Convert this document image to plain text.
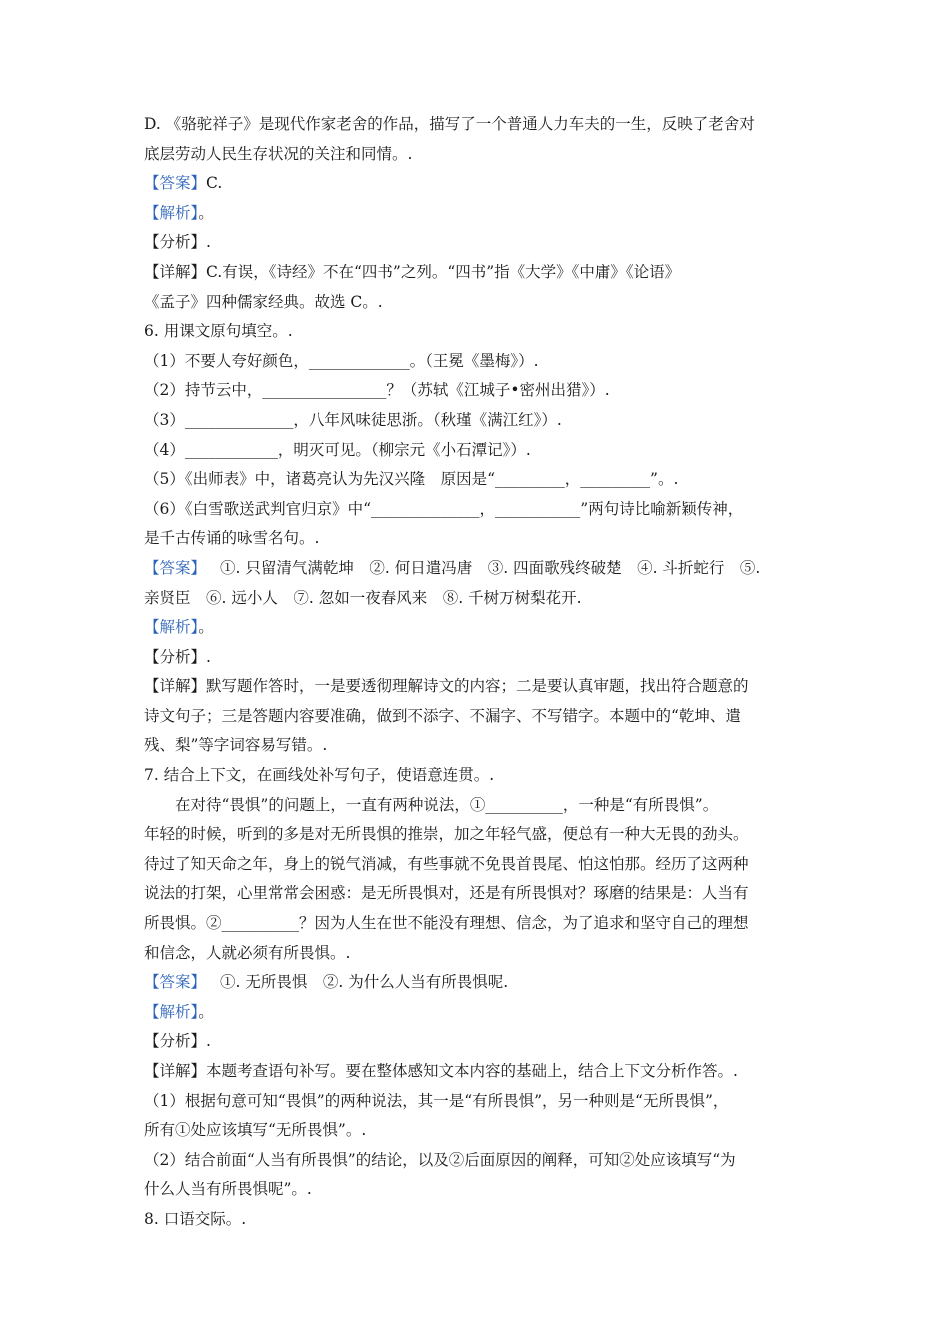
D. 《骆驼祥子》是现代作家老舍的作品，描写了一个普通人力车夫的一生，反映了老舍对
底层劳动人民生存状况的关注和同情。.
【答案】C.
【解析】。
【分析】.
【详解】C.有误，《诗经》不在“四书”之列。“四书”指《大学》《中庸》《论语》
《孟子》四种儒家经典。故选 C。.
6. 用课文原句填空。.
（1）不要人夸好颜色，_____________。（王冕《墨梅》）.
（2）持节云中，________________？（苏轼《江城子•密州出猎》）.
（3）______________，八年风味徒思浙。（秋瑾《满江红》）.
（4）____________，明灭可见。（柳宗元《小石潭记》）.
（5）《出师表》中，诸葛亮认为先汉兴隆　原因是“_________，_________”。.
（6）《白雪歌送武判官归京》中“______________，___________”两句诗比喻新颖传神，
是千古传诵的咏雪名句。.
【答案】 ①. 只留清气满乾坤　②. 何日遣冯唐　③. 四面歌残终破楚　④. 斗折蛇行　⑤.
亲贤臣　⑥. 远小人　⑦. 忽如一夜春风来　⑧. 千树万树梨花开.
【解析】。
【分析】.
【详解】默写题作答时，一是要透彻理解诗文的内容；二是要认真审题，找出符合题意的
诗文句子；三是答题内容要准确，做到不添字、不漏字、不写错字。本题中的“乾坤、遣
残、梨”等字词容易写错。.
7. 结合上下文，在画线处补写句子，使语意连贯。.
在对待“畏惧”的问题上，一直有两种说法，①__________，一种是“有所畏惧”。
年轻的时候，听到的多是对无所畏惧的推崇，加之年轻气盛，便总有一种大无畏的劲头。
待过了知天命之年，身上的锐气消减，有些事就不免畏首畏尾、怕这怕那。经历了这两种
说法的打架，心里常常会困惑：是无所畏惧对，还是有所畏惧对？琢磨的结果是：人当有
所畏惧。②__________？因为人生在世不能没有理想、信念，为了追求和坚守自己的理想
和信念，人就必须有所畏惧。.
【答案】 ①. 无所畏惧　②. 为什么人当有所畏惧呢.
【解析】。
【分析】.
【详解】本题考查语句补写。要在整体感知文本内容的基础上，结合上下文分析作答。.
（1）根据句意可知“畏惧”的两种说法，其一是“有所畏惧”，另一种则是“无所畏惧”，
所有①处应该填写“无所畏惧”。.
（2）结合前面“人当有所畏惧”的结论，以及②后面原因的阐释，可知②处应该填写“为
什么人当有所畏惧呢”。.
8. 口语交际。.
